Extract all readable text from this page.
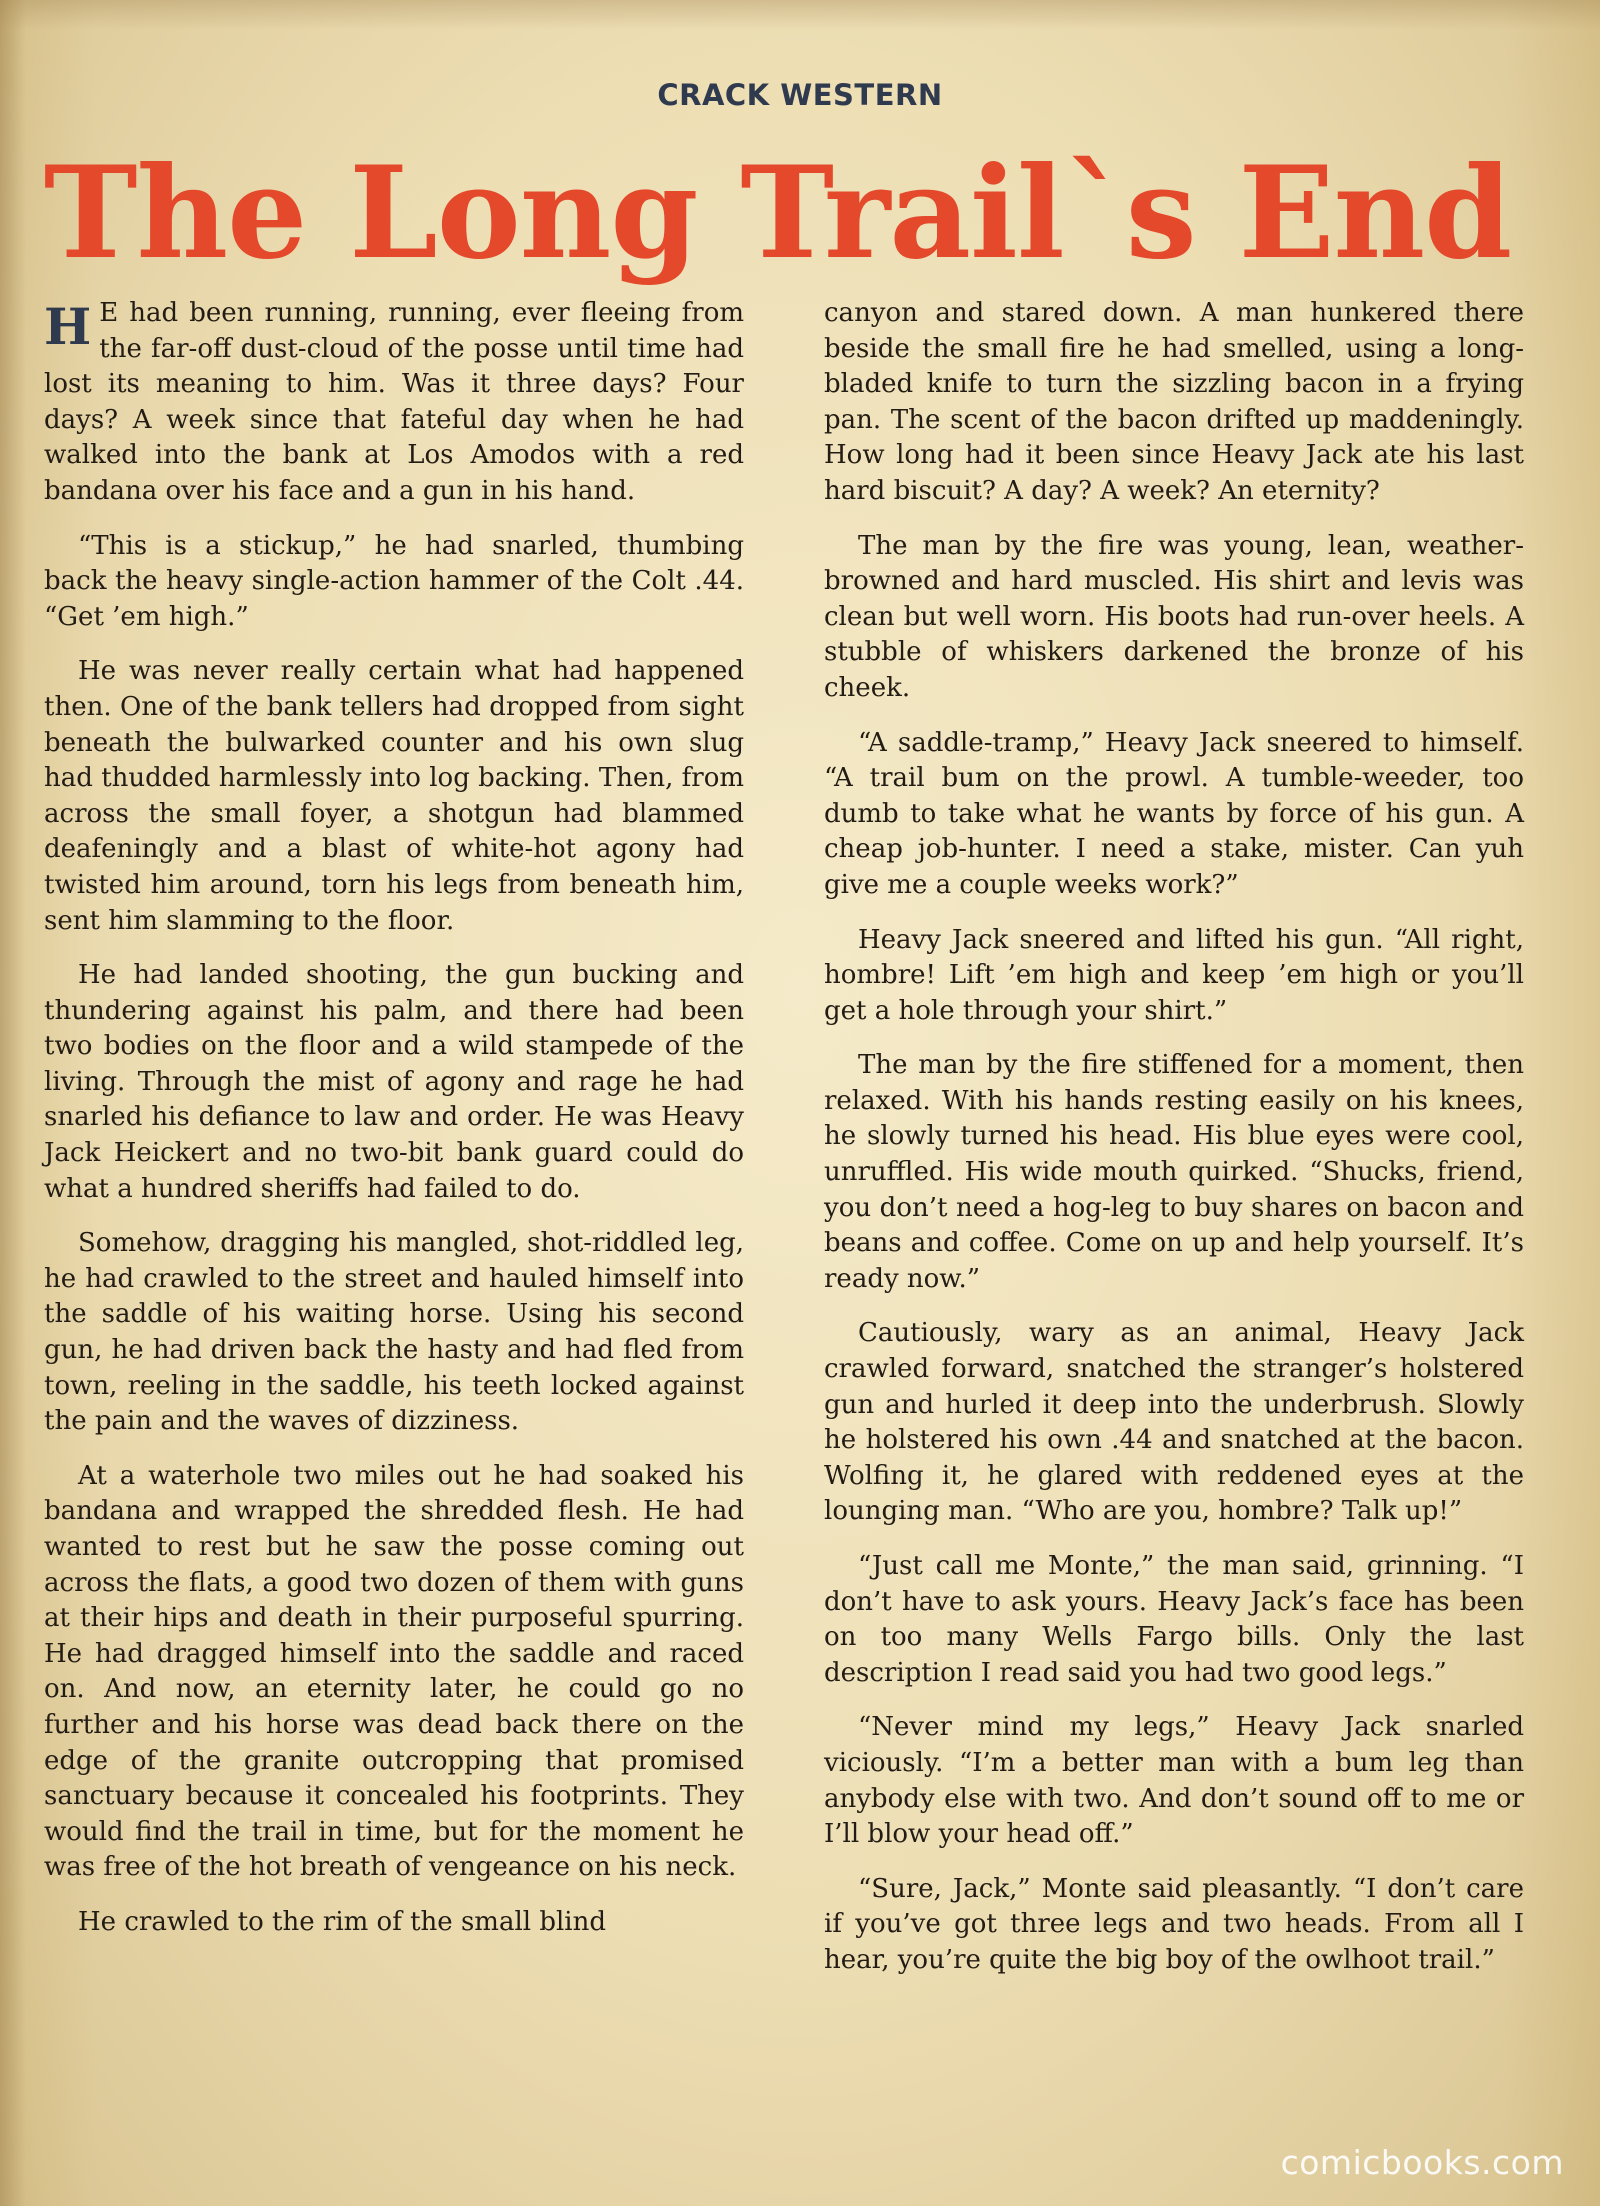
CRACK WESTERN
The Long Trail`s End

H E had been running, running, ever fleeing from the far-off dust-cloud of the posse until time had lost its meaning to him. Was it three days? Four days? A week since that fateful day when he had walked into the bank at Los Amodos with a red bandana over his face and a gun in his hand.

“This is a stickup,” he had snarled, thumbing back the heavy single-action hammer of the Colt .44. “Get ’em high.”

He was never really certain what had happened then. One of the bank tellers had dropped from sight beneath the bulwarked counter and his own slug had thudded harmlessly into log backing. Then, from across the small foyer, a shotgun had blammed deafeningly and a blast of white-hot agony had twisted him around, torn his legs from beneath him, sent him slamming to the floor.

He had landed shooting, the gun bucking and thundering against his palm, and there had been two bodies on the floor and a wild stampede of the living. Through the mist of agony and rage he had snarled his defiance to law and order. He was Heavy Jack Heickert and no two-bit bank guard could do what a hundred sheriffs had failed to do.

Somehow, dragging his mangled, shot-riddled leg, he had crawled to the street and hauled himself into the saddle of his waiting horse. Using his second gun, he had driven back the hasty and had fled from town, reeling in the saddle, his teeth locked against the pain and the waves of dizziness.

At a waterhole two miles out he had soaked his bandana and wrapped the shredded flesh. He had wanted to rest but he saw the posse coming out across the flats, a good two dozen of them with guns at their hips and death in their purposeful spurring. He had dragged himself into the saddle and raced on. And now, an eternity later, he could go no further and his horse was dead back there on the edge of the granite outcropping that promised sanctuary because it concealed his footprints. They would find the trail in time, but for the moment he was free of the hot breath of vengeance on his neck.

He crawled to the rim of the small blind

canyon and stared down. A man hunkered there beside the small fire he had smelled, using a long-bladed knife to turn the sizzling bacon in a frying pan. The scent of the bacon drifted up maddeningly. How long had it been since Heavy Jack ate his last hard biscuit? A day? A week? An eternity?

The man by the fire was young, lean, weather-browned and hard muscled. His shirt and levis was clean but well worn. His boots had run-over heels. A stubble of whiskers darkened the bronze of his cheek.

“A saddle-tramp,” Heavy Jack sneered to himself. “A trail bum on the prowl. A tumble-weeder, too dumb to take what he wants by force of his gun. A cheap job-hunter. I need a stake, mister. Can yuh give me a couple weeks work?”

Heavy Jack sneered and lifted his gun. “All right, hombre! Lift ’em high and keep ’em high or you’ll get a hole through your shirt.”

The man by the fire stiffened for a moment, then relaxed. With his hands resting easily on his knees, he slowly turned his head. His blue eyes were cool, unruffled. His wide mouth quirked. “Shucks, friend, you don’t need a hog-leg to buy shares on bacon and beans and coffee. Come on up and help yourself. It’s ready now.”

Cautiously, wary as an animal, Heavy Jack crawled forward, snatched the stranger’s holstered gun and hurled it deep into the underbrush. Slowly he holstered his own .44 and snatched at the bacon. Wolfing it, he glared with reddened eyes at the lounging man. “Who are you, hombre? Talk up!”

“Just call me Monte,” the man said, grinning. “I don’t have to ask yours. Heavy Jack’s face has been on too many Wells Fargo bills. Only the last description I read said you had two good legs.”

“Never mind my legs,” Heavy Jack snarled viciously. “I’m a better man with a bum leg than anybody else with two. And don’t sound off to me or I’ll blow your head off.”

“Sure, Jack,” Monte said pleasantly. “I don’t care if you’ve got three legs and two heads. From all I hear, you’re quite the big boy of the owlhoot trail.”

comicbooks.com
